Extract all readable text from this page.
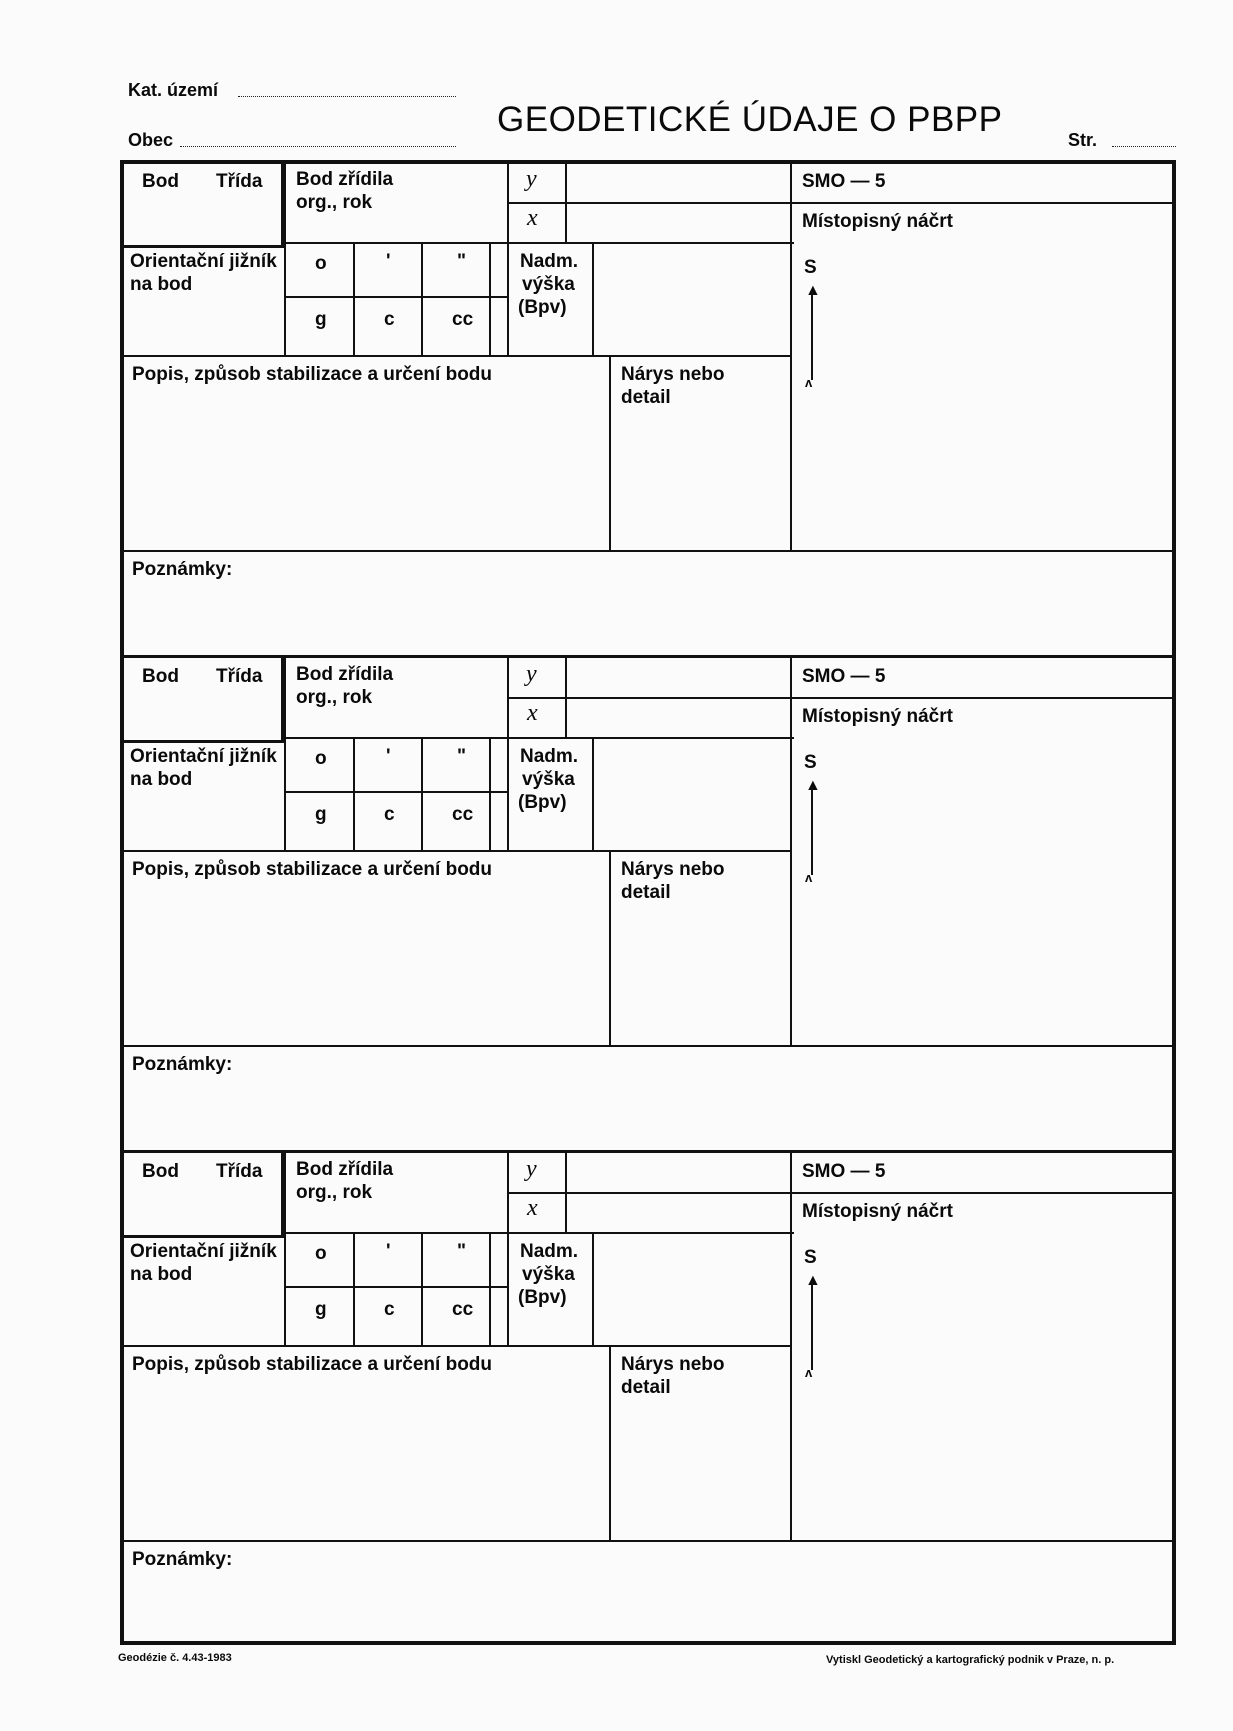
Kat. území
Obec
GEODETICKÉ ÚDAJE O PBPP
Str.
Bod Třída Bod zřídila
org., rok
y
x
SMO — 5
Místopisný náčrt
S
▲
ʌ
Orientační jižník
na bod
o	'	"
g	c	cc
Nadm.
výška
(Bpv)
Popis, způsob stabilizace a určení bodu	Nárys nebo
detail
Poznámky:
Bod Třída Bod zřídila
org., rok
y
x
SMO — 5
Místopisný náčrt
S
▲
ʌ
Orientační jižník
na bod
o	'	"
g	c	cc
Nadm.
výška
(Bpv)
Popis, způsob stabilizace a určení bodu	Nárys nebo
detail
Poznámky:
Bod Třída Bod zřídila
org., rok
y
x
SMO — 5
Místopisný náčrt
S
▲
ʌ
Orientační jižník
na bod
o	'	"
g	c	cc
Nadm.
výška
(Bpv)
Popis, způsob stabilizace a určení bodu	Nárys nebo
detail
Poznámky:
Geodézie č. 4.43-1983	Vytiskl Geodetický a kartografický podnik v Praze, n. p.
